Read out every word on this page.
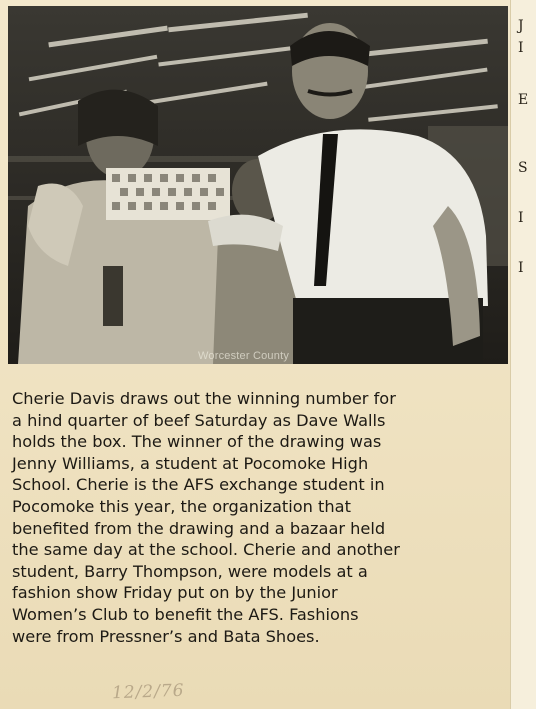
Worcester County
Cherie Davis draws out the winning number for
a hind quarter of beef Saturday as Dave Walls
holds the box. The winner of the drawing was
Jenny Williams, a student at Pocomoke High
School. Cherie is the AFS exchange student in
Pocomoke this year, the organization that
benefited from the drawing and a bazaar held
the same day at the school. Cherie and another
student, Barry Thompson, were models at a
fashion show Friday put on by the Junior
Women’s Club to benefit the AFS. Fashions
were from Pressner’s and Bata Shoes.
12/2/76
J
I
E
S
I
I
